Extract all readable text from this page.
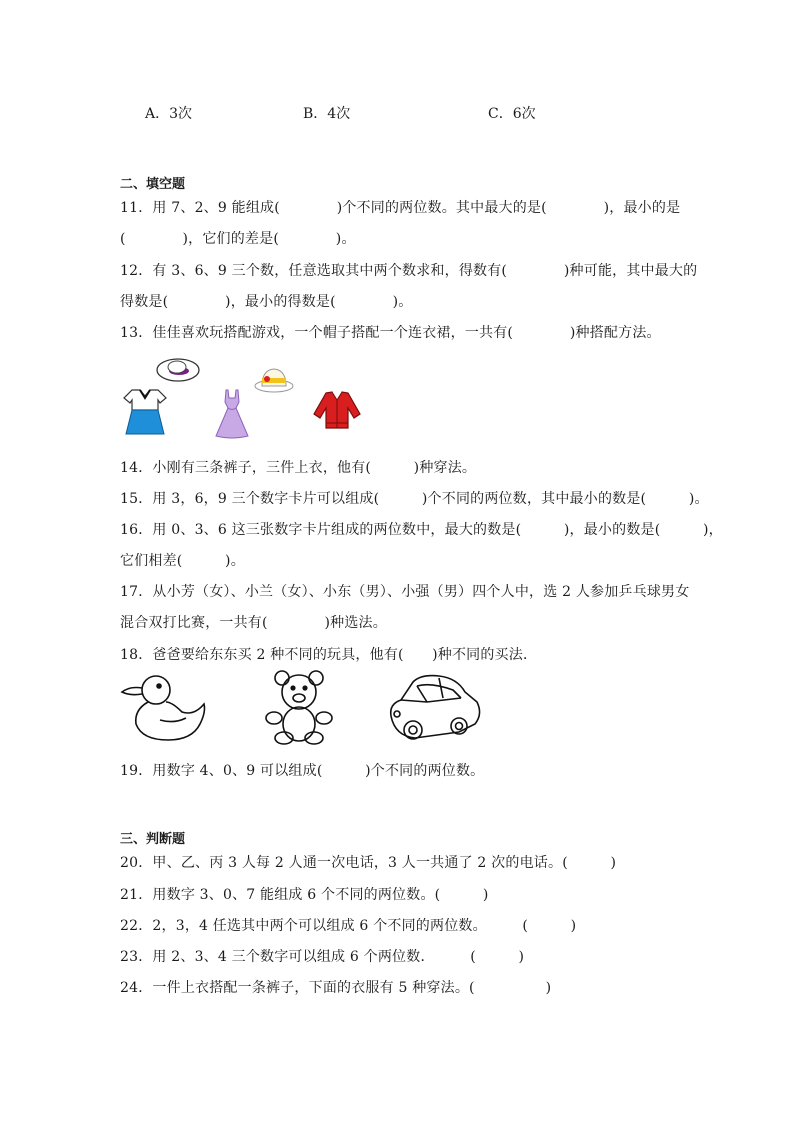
A．3次	B．4次	C．6次
二、填空题
11．用 7、2、9 能组成(　　　　)个不同的两位数。其中最大的是(　　　　)，最小的是
(　　　　)，它们的差是(　　　　)。
12．有 3、6、9 三个数，任意选取其中两个数求和，得数有(　　　　)种可能，其中最大的
得数是(　　　　)，最小的得数是(　　　　)。
13．佳佳喜欢玩搭配游戏，一个帽子搭配一个连衣裙，一共有(　　　　)种搭配方法。
14．小刚有三条裤子，三件上衣，他有(　　　)种穿法。
15．用 3，6，9 三个数字卡片可以组成(　　　)个不同的两位数，其中最小的数是(　　　)。
16．用 0、3、6 这三张数字卡片组成的两位数中，最大的数是(　　　)，最小的数是(　　　)，
它们相差(　　　)。
17．从小芳（女）、小兰（女）、小东（男）、小强（男）四个人中，选 2 人参加乒乓球男女
混合双打比赛，一共有(　　　　)种选法。
18．爸爸要给东东买 2 种不同的玩具，他有(　　)种不同的买法．
19．用数字 4、0、9 可以组成(　　　)个不同的两位数。
三、判断题
20．甲、乙、丙 3 人每 2 人通一次电话，3 人一共通了 2 次的电话。(　　　)
21．用数字 3、0、7 能组成 6 个不同的两位数。(　　　)
22．2，3，4 任选其中两个可以组成 6 个不同的两位数。　　　(　　　)
23．用 2、3、4 三个数字可以组成 6 个两位数．　　　(　　　)
24．一件上衣搭配一条裤子，下面的衣服有 5 种穿法。(　　　　　)
